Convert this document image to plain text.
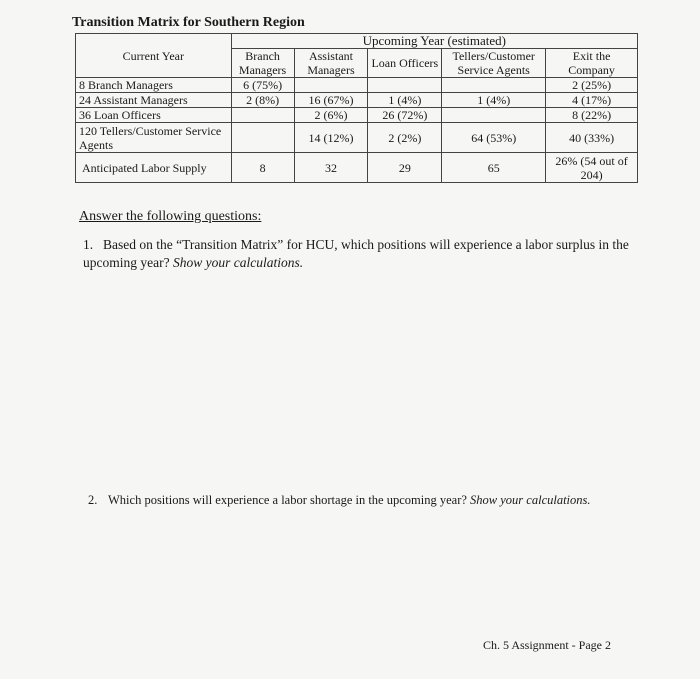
Transition Matrix for Southern Region
	Upcoming Year (estimated)				
Current Year	Branch Managers	Assistant Managers	Loan Officers	Tellers/Customer Service Agents	Exit the Company
8 Branch Managers	6 (75%)				2 (25%)
24 Assistant Managers	2 (8%)	16 (67%)	1 (4%)	1 (4%)	4 (17%)
36 Loan Officers		2 (6%)	26 (72%)		8 (22%)
120 Tellers/Customer Service Agents		14 (12%)	2 (2%)	64 (53%)	40 (33%)
Anticipated Labor Supply	8	32	29	65	26% (54 out of 204)
Answer the following questions:
1. Based on the “Transition Matrix” for HCU, which positions will experience a labor surplus in the upcoming year? Show your calculations.
2. Which positions will experience a labor shortage in the upcoming year? Show your calculations.
Ch. 5 Assignment - Page 2
